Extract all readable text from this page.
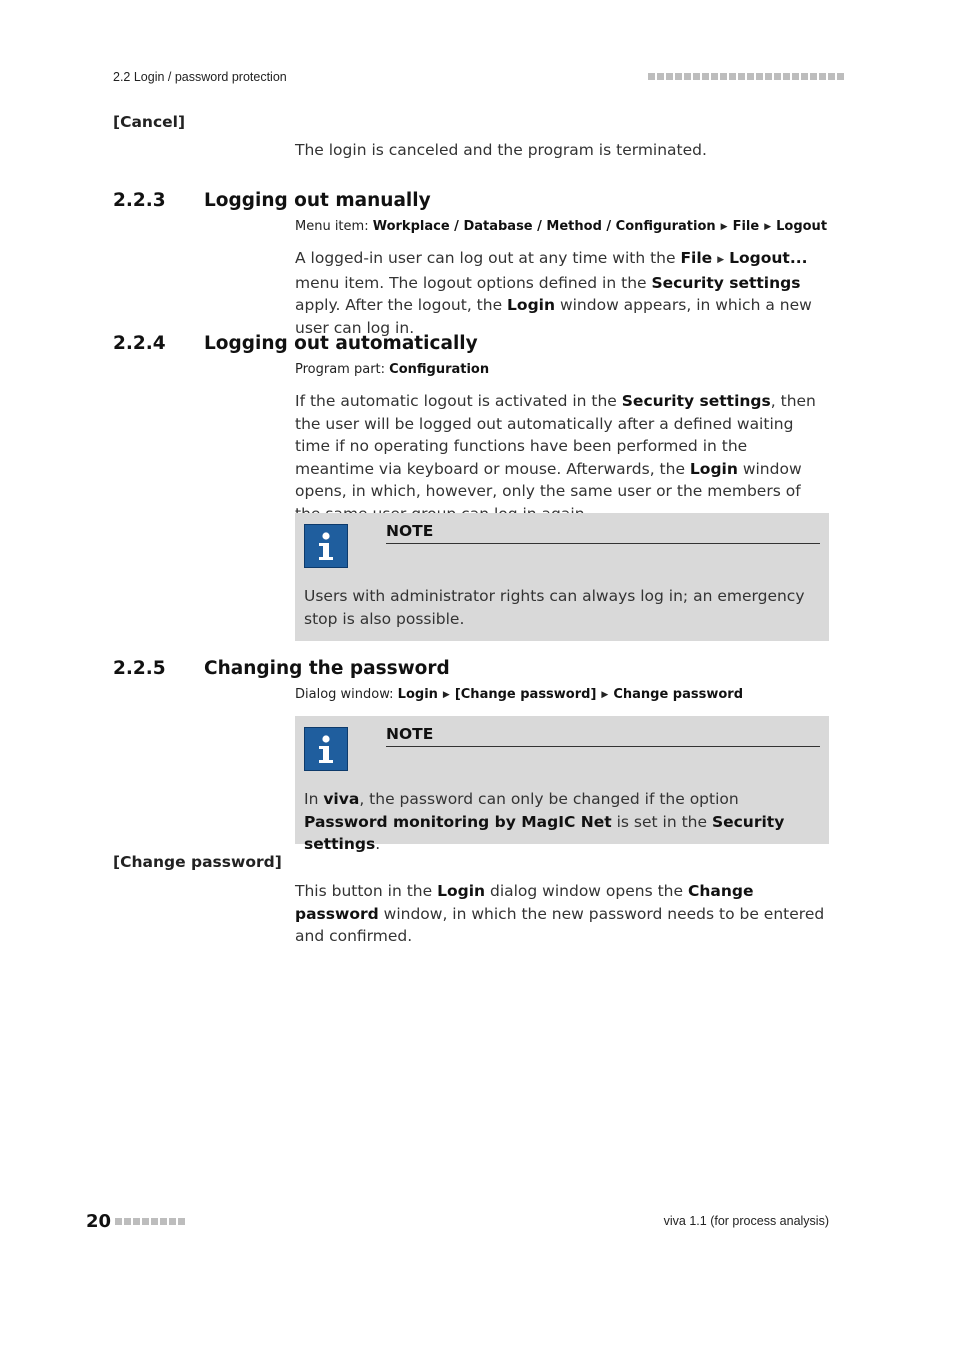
2.2 Login / password protection
[Cancel]
The login is canceled and the program is terminated.
2.2.3 Logging out manually
Menu item: Workplace / Database / Method / Configuration ▶ File ▶ Logout
A logged-in user can log out at any time with the File ▶ Logout... menu item. The logout options defined in the Security settings apply. After the logout, the Login window appears, in which a new user can log in.
2.2.4 Logging out automatically
Program part: Configuration
If the automatic logout is activated in the Security settings, then the user will be logged out automatically after a defined waiting time if no operating functions have been performed in the meantime via keyboard or mouse. Afterwards, the Login window opens, in which, however, only the same user or the members of
NOTE
Users with administrator rights can always log in; an emergency stop is also possible.
2.2.5 Changing the password
Dialog window: Login ▶ [Change password] ▶ Change password
NOTE
In viva, the password can only be changed if the option Password monitoring by MagIC Net is set in the Security settings.
[Change password]
This button in the Login dialog window opens the Change password window, in which the new password needs to be entered and confirmed.
20	viva 1.1 (for process analysis)
